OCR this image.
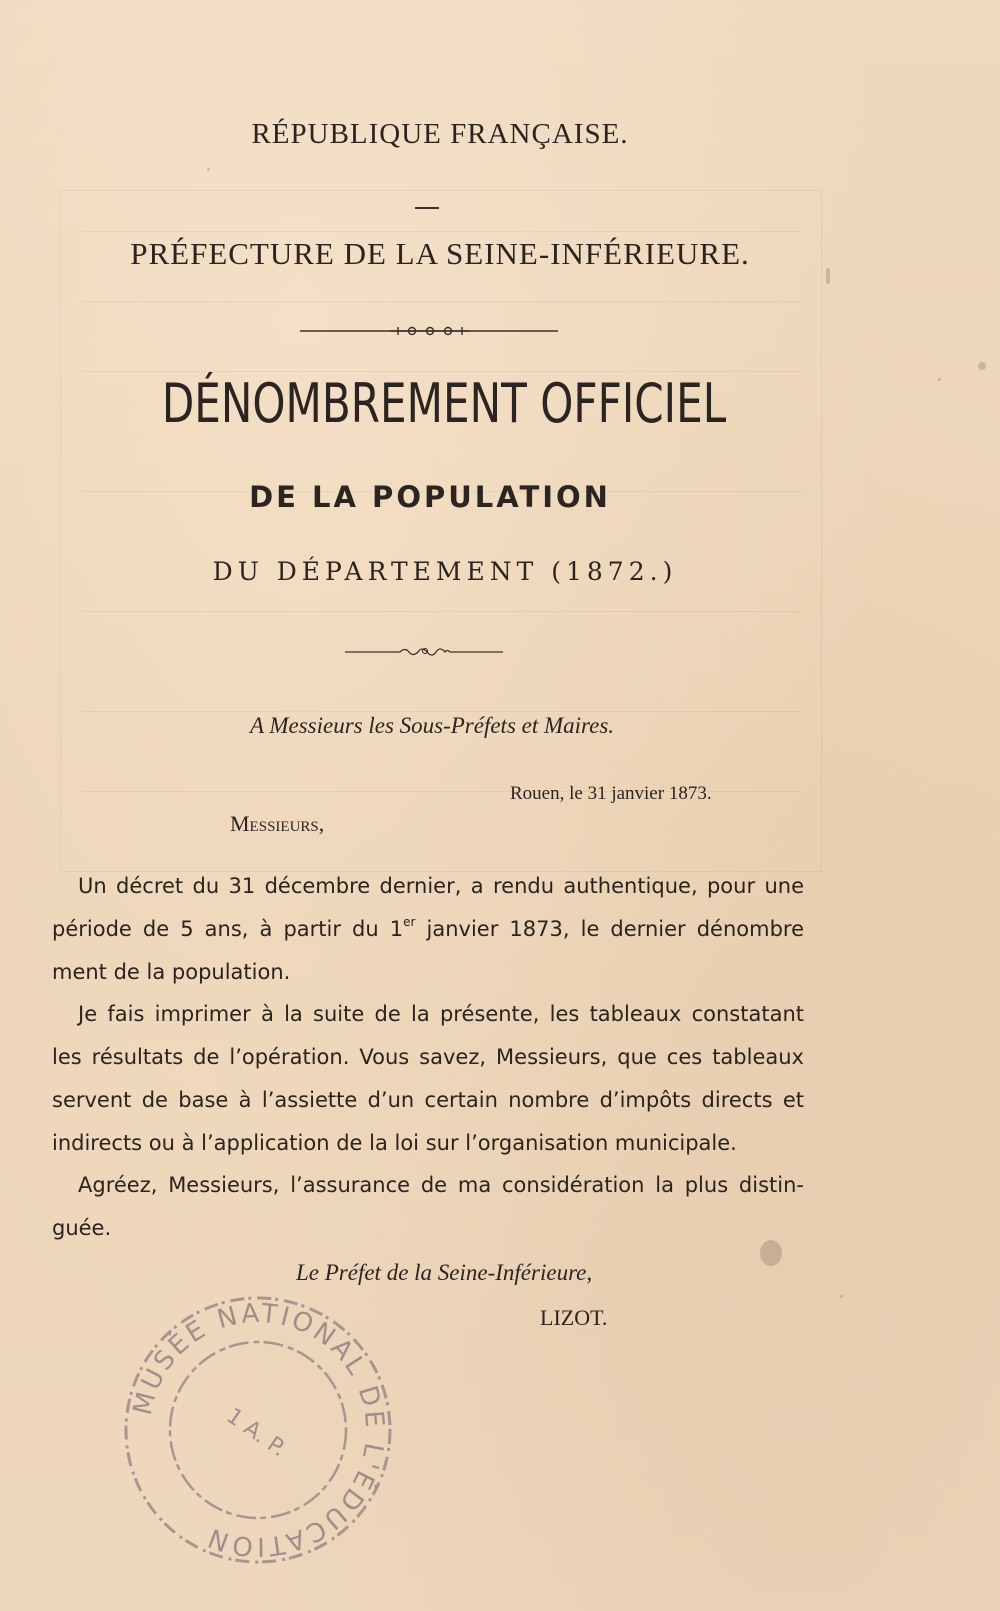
RÉPUBLIQUE FRANÇAISE.
PRÉFECTURE DE LA SEINE-INFÉRIEURE.
DÉNOMBREMENT OFFICIEL
DE LA POPULATION
DU DÉPARTEMENT (1872.)
A Messieurs les Sous-Préfets et Maires.
Rouen, le 31 janvier 1873.
Messieurs,
Un décret du 31 décembre dernier, a rendu authentique, pour une
période de 5 ans, à partir du 1er janvier 1873, le dernier dénombre
ment de la population.
Je fais imprimer à la suite de la présente, les tableaux constatant
les résultats de l’opération. Vous savez, Messieurs, que ces tableaux
servent de base à l’assiette d’un certain nombre d’impôts directs et
indirects ou à l’application de la loi sur l’organisation municipale.
Agréez, Messieurs, l’assurance de ma considération la plus distin-
guée.
Le Préfet de la Seine-Inférieure,
LIZOT.
MUSÉE NATIONAL DE L'ÉDUCATION
1 A. P.
